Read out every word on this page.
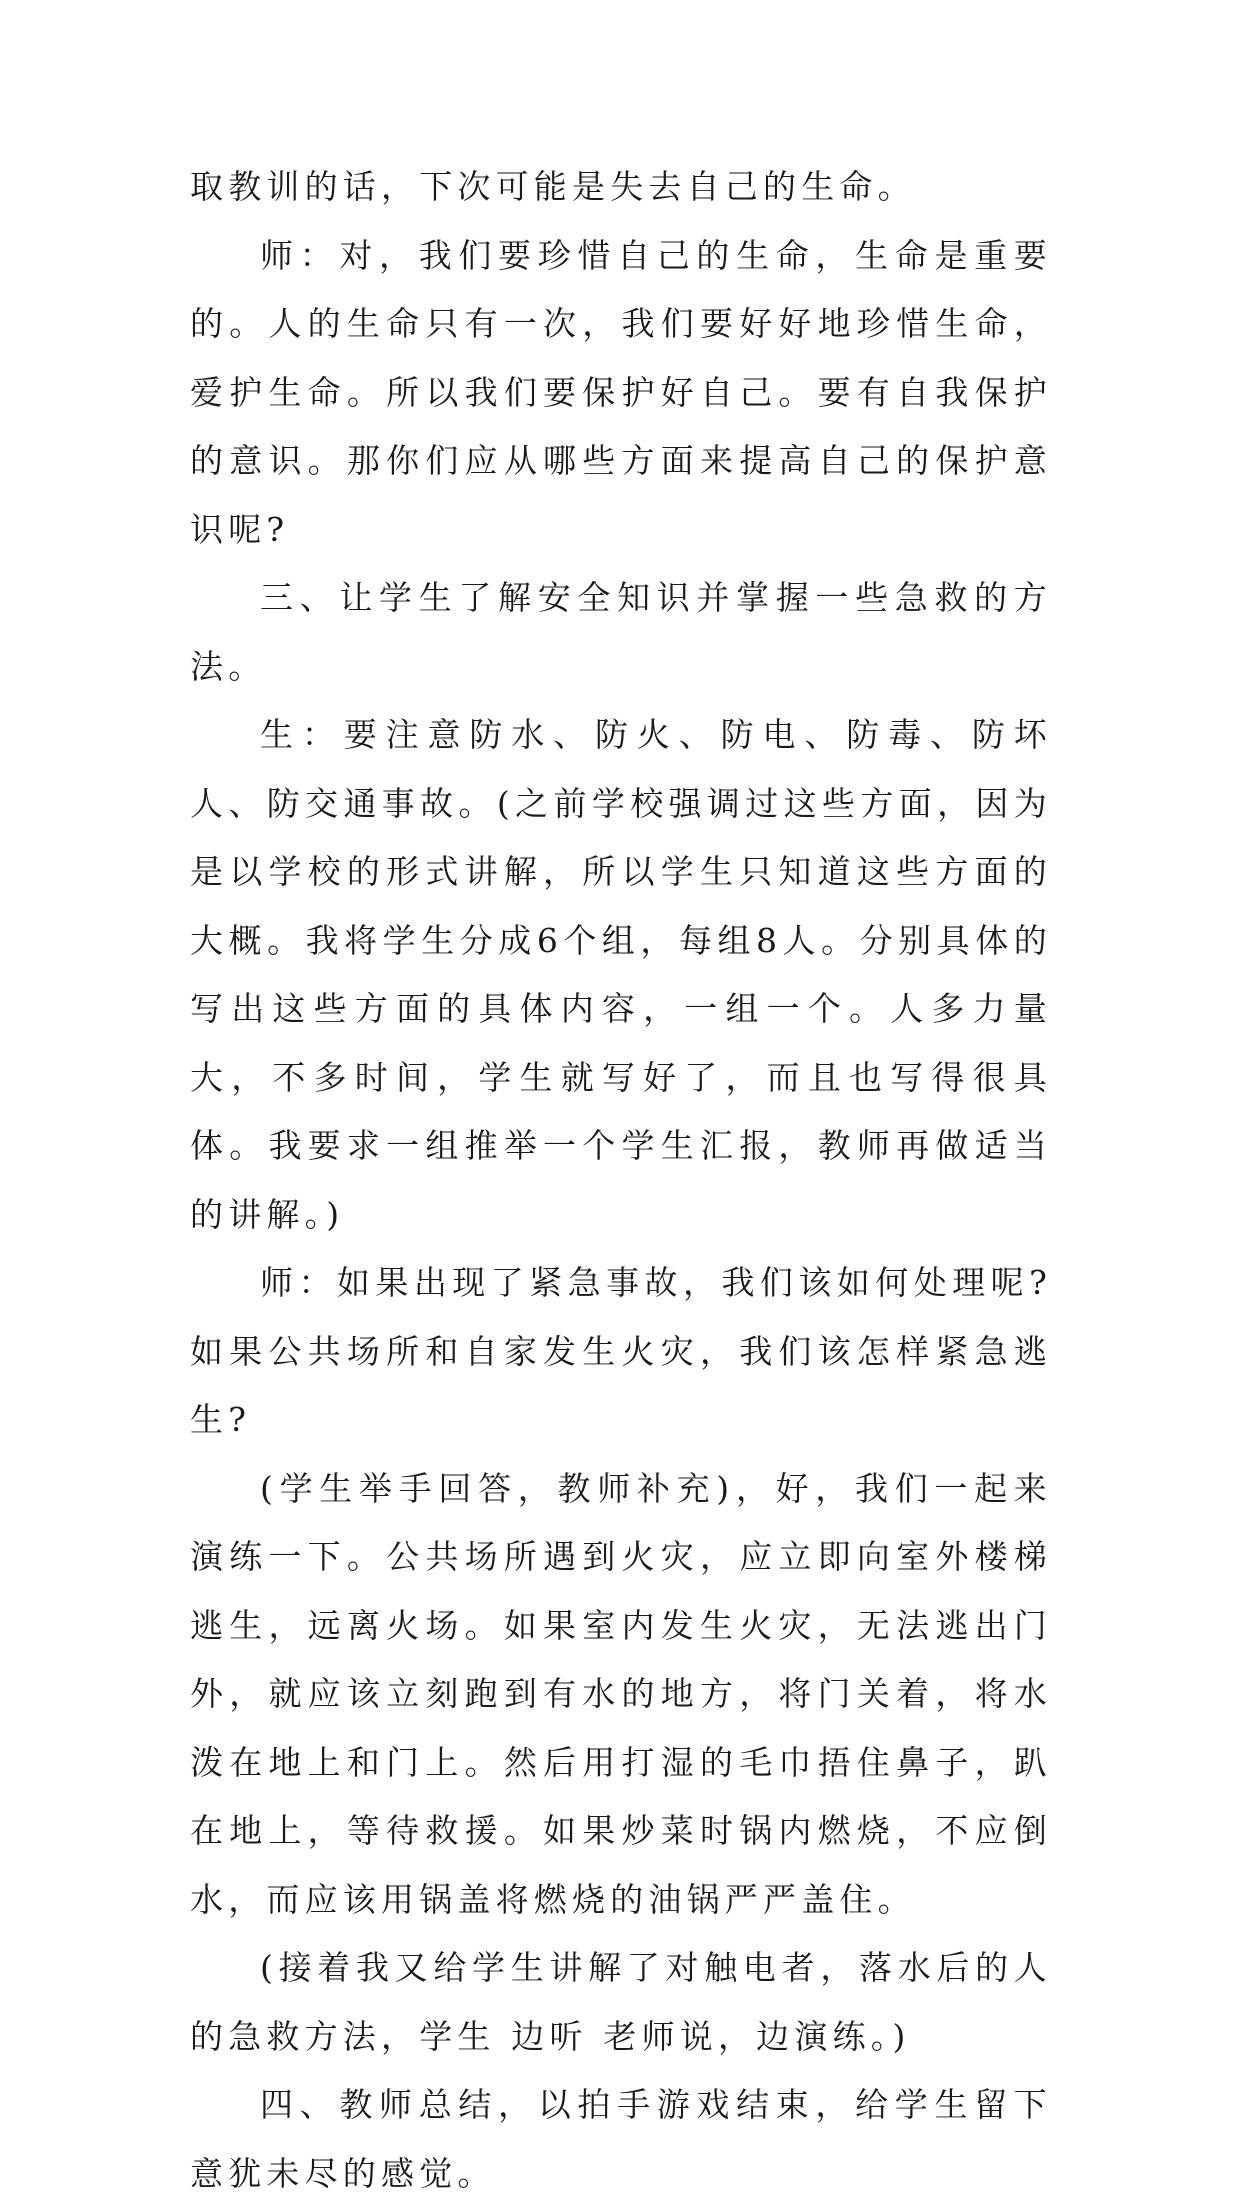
取教训的话，下次可能是失去自己的生命。

师：对，我们要珍惜自己的生命，生命是重要的。人的生命只有一次，我们要好好地珍惜生命，爱护生命。所以我们要保护好自己。要有自我保护的意识。那你们应从哪些方面来提高自己的保护意识呢?

三、让学生了解安全知识并掌握一些急救的方法。

生：要注意防水、防火、防电、防毒、防坏人、防交通事故。(之前学校强调过这些方面，因为是以学校的形式讲解，所以学生只知道这些方面的大概。我将学生分成6个组，每组8人。分别具体的写出这些方面的具体内容，一组一个。人多力量大，不多时间，学生就写好了，而且也写得很具体。我要求一组推举一个学生汇报，教师再做适当的讲解。)

师：如果出现了紧急事故，我们该如何处理呢?如果公共场所和自家发生火灾，我们该怎样紧急逃生?

(学生举手回答，教师补充)，好，我们一起来演练一下。公共场所遇到火灾，应立即向室外楼梯逃生，远离火场。如果室内发生火灾，无法逃出门外，就应该立刻跑到有水的地方，将门关着，将水泼在地上和门上。然后用打湿的毛巾捂住鼻子，趴在地上，等待救援。如果炒菜时锅内燃烧，不应倒水，而应该用锅盖将燃烧的油锅严严盖住。

(接着我又给学生讲解了对触电者，落水后的人的急救方法，学生 边听 老师说，边演练。)

四、教师总结，以拍手游戏结束，给学生留下意犹未尽的感觉。
